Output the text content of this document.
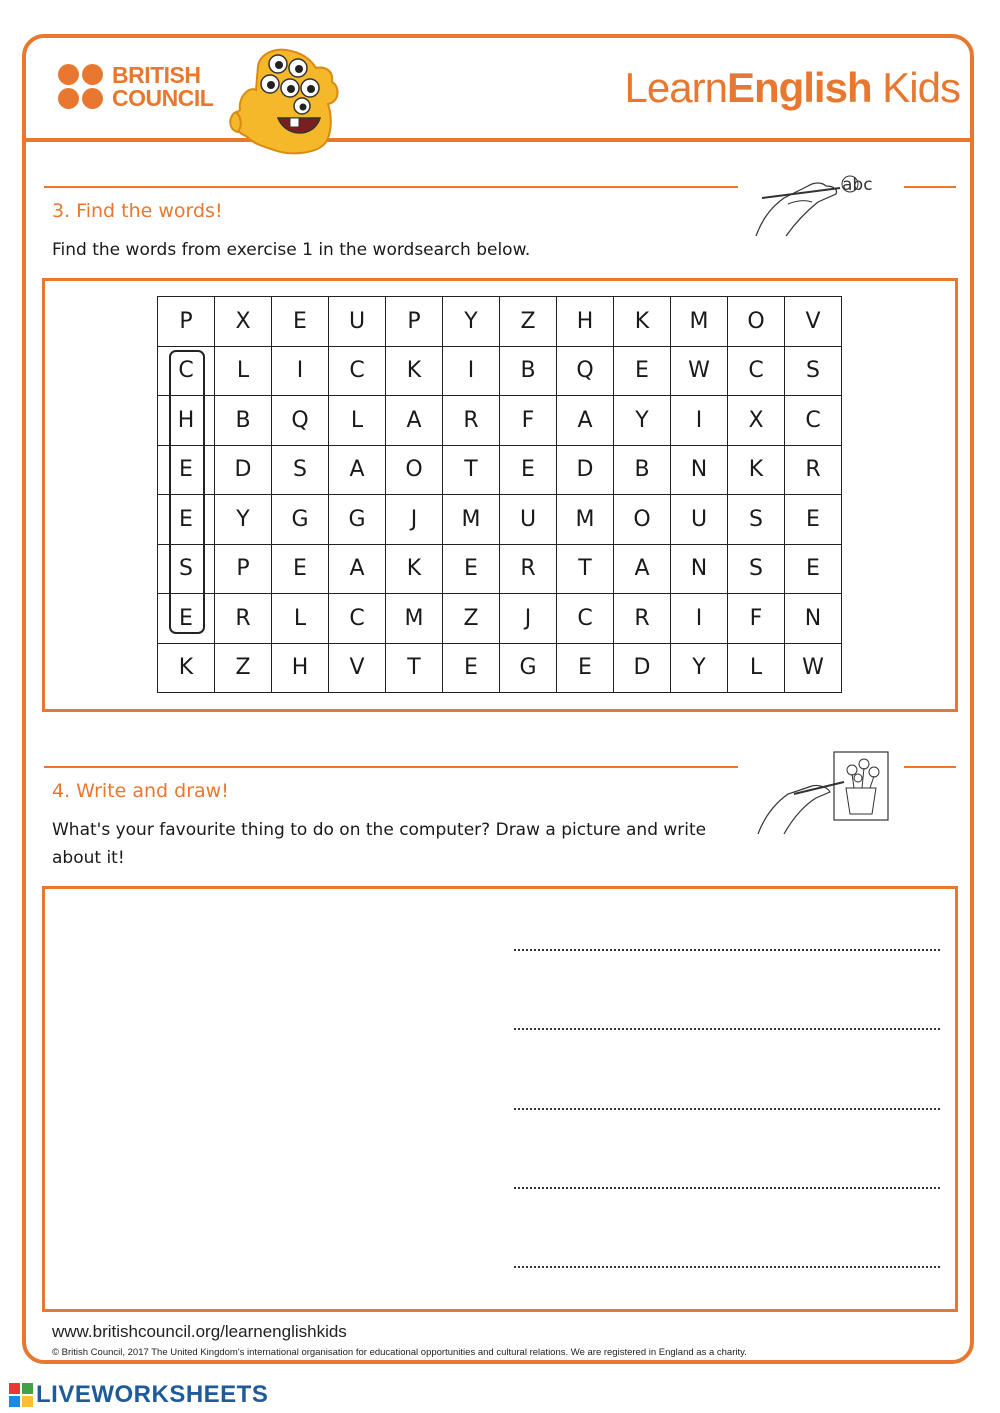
BRITISH
COUNCIL	LearnEnglish Kids
abc
3. Find the words!
Find the words from exercise 1 in the wordsearch below.
P	X	E	U	P	Y	Z	H	K	M	O	V
C	L	I	C	K	I	B	Q	E	W	C	S
H	B	Q	L	A	R	F	A	Y	I	X	C
E	D	S	A	O	T	E	D	B	N	K	R
E	Y	G	G	J	M	U	M	O	U	S	E
S	P	E	A	K	E	R	T	A	N	S	E
E	R	L	C	M	Z	J	C	R	I	F	N
K	Z	H	V	T	E	G	E	D	Y	L	W
4. Write and draw!
What's your favourite thing to do on the computer? Draw a picture and write
about it!
www.britishcouncil.org/learnenglishkids
© British Council, 2017 The United Kingdom's international organisation for educational opportunities and cultural relations. We are registered in England as a charity.
LIVEWORKSHEETS
